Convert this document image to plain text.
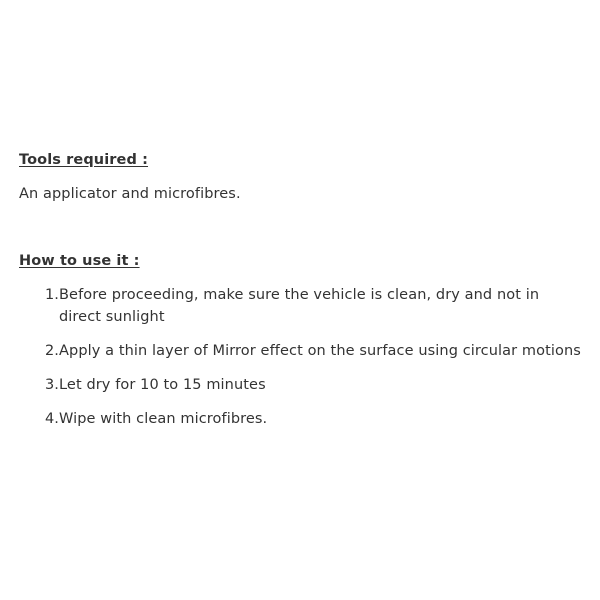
Tools required :

An applicator and microfibres.

How to use it :
1. Before proceeding, make sure the vehicle is clean, dry and not in direct sunlight
2. Apply a thin layer of Mirror effect on the surface using circular motions
3. Let dry for 10 to 15 minutes
4. Wipe with clean microfibres.
